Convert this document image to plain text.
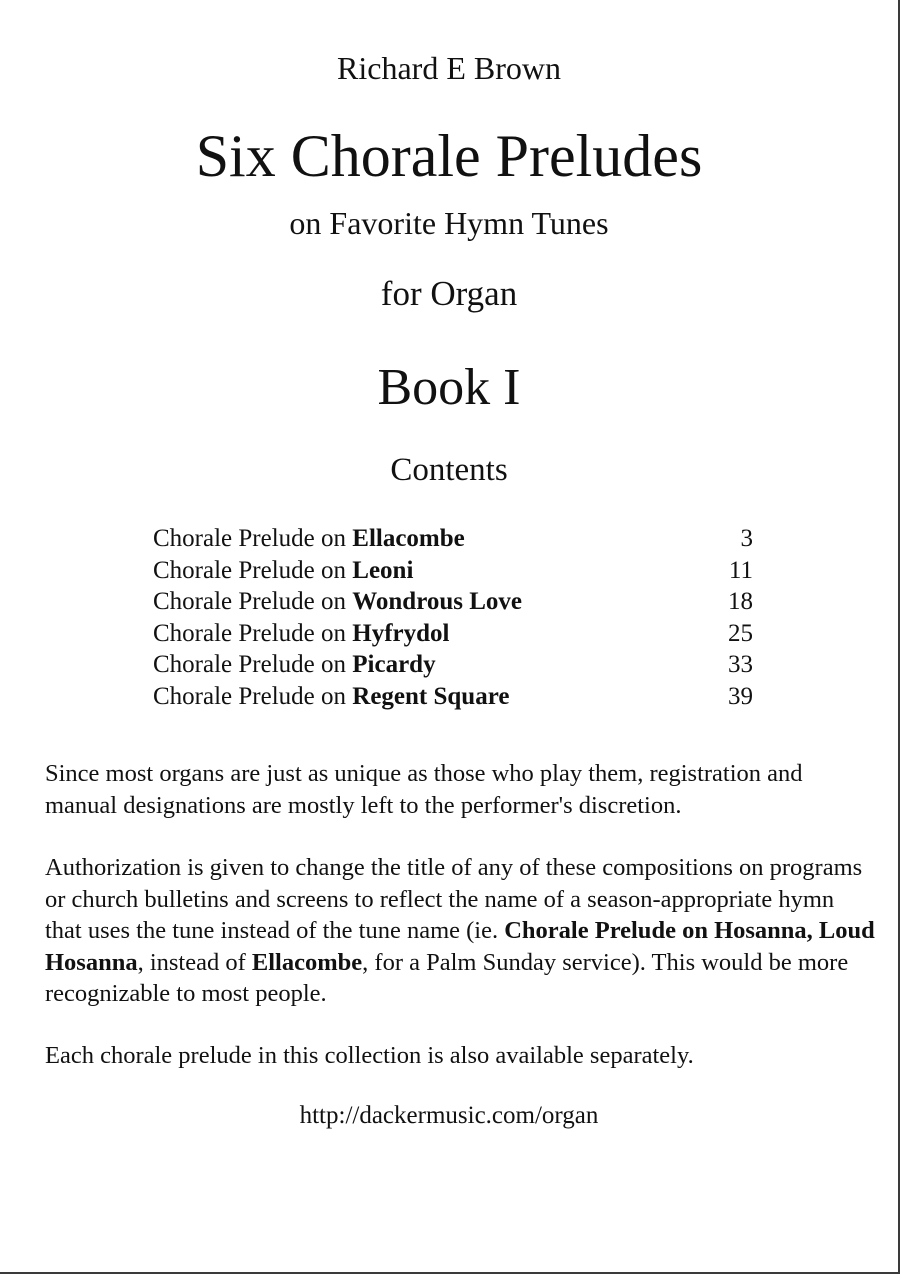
Richard E Brown
Six Chorale Preludes
on Favorite Hymn Tunes
for Organ
Book I
Contents
Chorale Prelude on Ellacombe	3
Chorale Prelude on Leoni	11
Chorale Prelude on Wondrous Love	18
Chorale Prelude on Hyfrydol	25
Chorale Prelude on Picardy	33
Chorale Prelude on Regent Square	39

Since most organs are just as unique as those who play them, registration and manual designations are mostly left to the performer's discretion.

Authorization is given to change the title of any of these compositions on programs or church bulletins and screens to reflect the name of a season-appropriate hymn that uses the tune instead of the tune name (ie. Chorale Prelude on Hosanna, Loud Hosanna, instead of Ellacombe, for a Palm Sunday service). This would be more recognizable to most people.

Each chorale prelude in this collection is also available separately.

http://dackermusic.com/organ
